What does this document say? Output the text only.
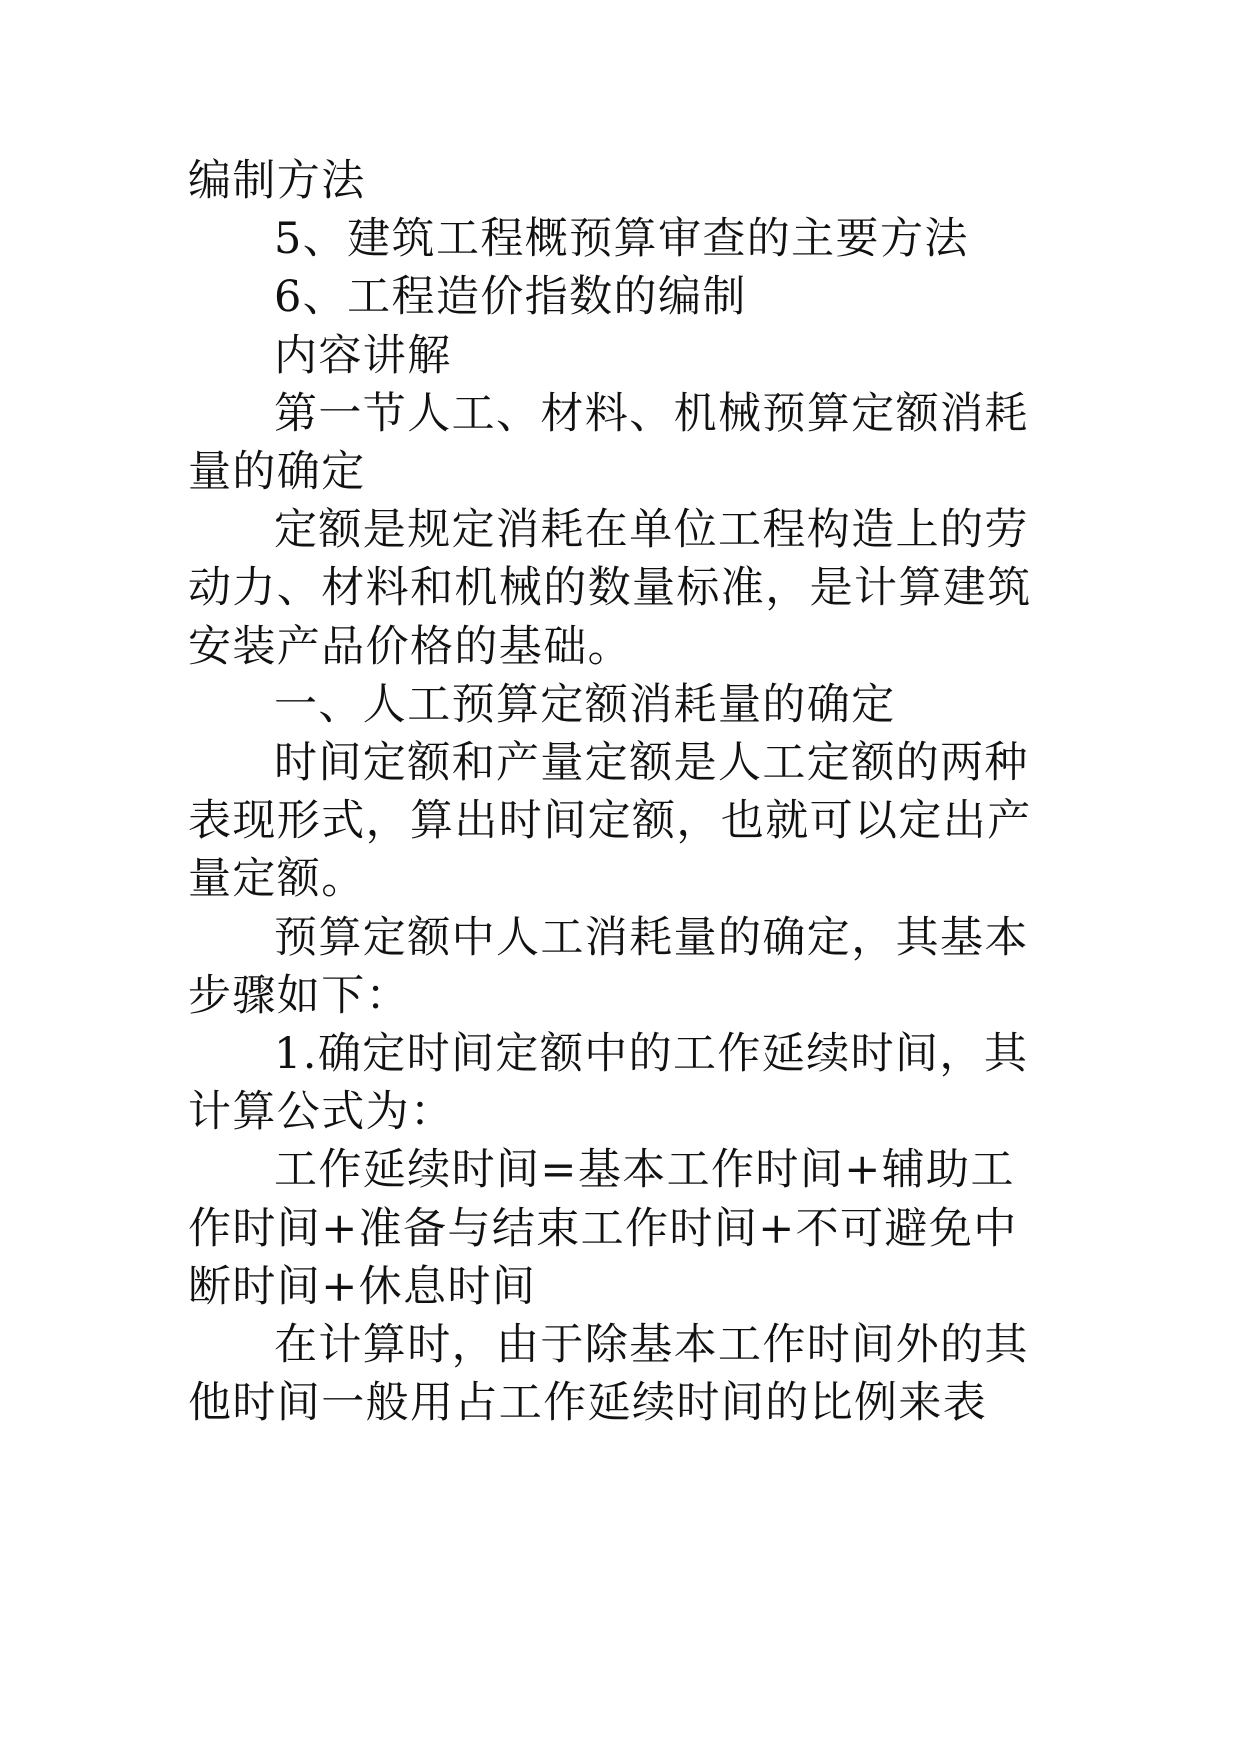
编制方法

5、建筑工程概预算审查的主要方法

6、工程造价指数的编制

内容讲解

第一节人工、材料、机械预算定额消耗量的确定

定额是规定消耗在单位工程构造上的劳动力、材料和机械的数量标准，是计算建筑安装产品价格的基础。

一、人工预算定额消耗量的确定

时间定额和产量定额是人工定额的两种表现形式，算出时间定额，也就可以定出产量定额。

预算定额中人工消耗量的确定，其基本步骤如下：

1.确定时间定额中的工作延续时间，其计算公式为：

工作延续时间=基本工作时间+辅助工作时间+准备与结束工作时间+不可避免中断时间+休息时间

在计算时，由于除基本工作时间外的其他时间一般用占工作延续时间的比例来表
